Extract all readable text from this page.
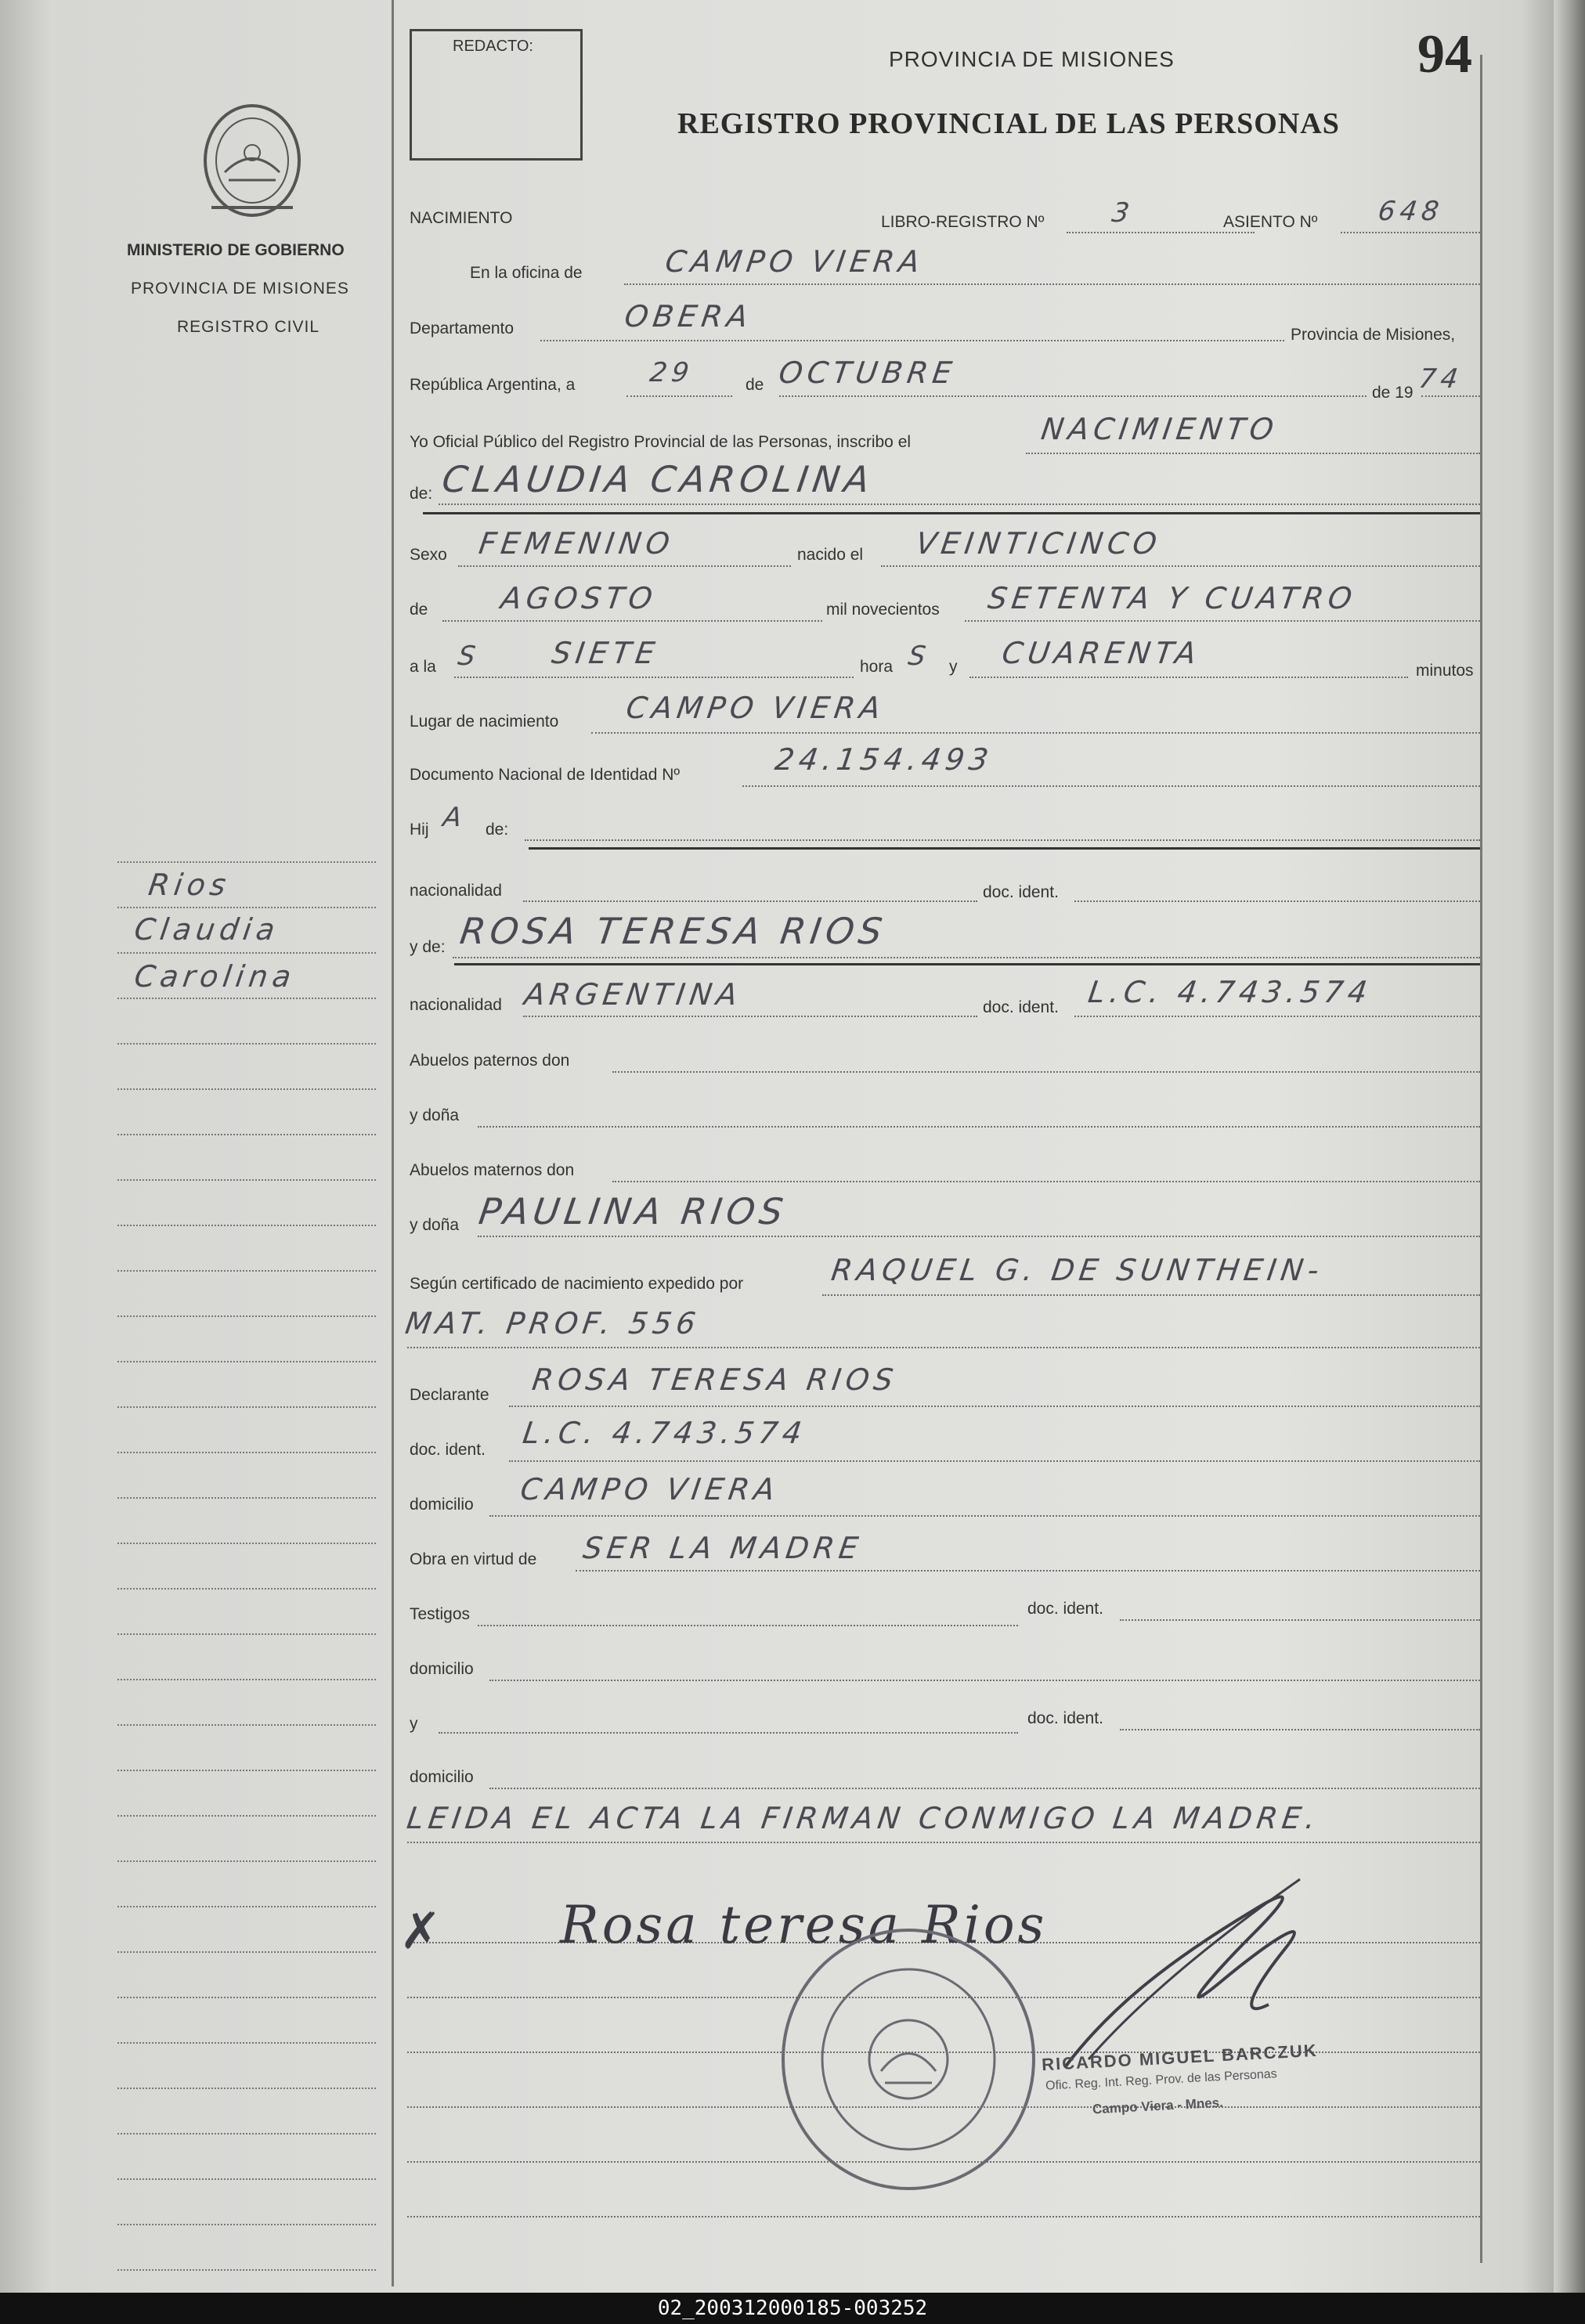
REDACTO:	94
PROVINCIA DE MISIONES
REGISTRO PROVINCIAL DE LAS PERSONAS
MINISTERIO DE GOBIERNO
PROVINCIA DE MISIONES
REGISTRO CIVIL
Rios
Claudia
Carolina
NACIMIENTO	LIBRO-REGISTRO Nº 3	ASIENTO Nº 648
En la oficina de	CAMPO VIERA
Departamento	OBERA
Provincia de Misiones,
República Argentina, a	29	de OCTUBRE
de 19 74
Yo Oficial Público del Registro Provincial de las Personas, inscribo el	NACIMIENTO
de: CLAUDIA CAROLINA
Sexo FEMENINO	nacido el VEINTICINCO
de AGOSTO	mil novecientos SETENTA Y CUATRO
a la S SIETE	hora S y CUARENTA
minutos
Lugar de nacimiento CAMPO VIERA
Documento Nacional de Identidad Nº	24.154.493
Hij A de:
nacionalidad	doc. ident.
y de: ROSA TERESA RIOS
nacionalidad ARGENTINA	doc. ident. L.C. 4.743.574
Abuelos paternos don
y doña
Abuelos maternos don
y doña PAULINA RIOS
Según certificado de nacimiento expedido por	RAQUEL G. DE SUNTHEIN-
MAT. PROF. 556
Declarante ROSA TERESA RIOS
doc. ident. L.C. 4.743.574
domicilio CAMPO VIERA
Obra en virtud de SER LA MADRE
Testigos	doc. ident.
domicilio
y	doc. ident.
domicilio
LEIDA EL ACTA LA FIRMAN CONMIGO LA MADRE.
✗ Rosa teresa Rios
RICARDO MIGUEL BARCZUK
Ofic. Reg. Int. Reg. Prov. de las Personas
Campo Viera - Mnes.
02_200312000185-003252
